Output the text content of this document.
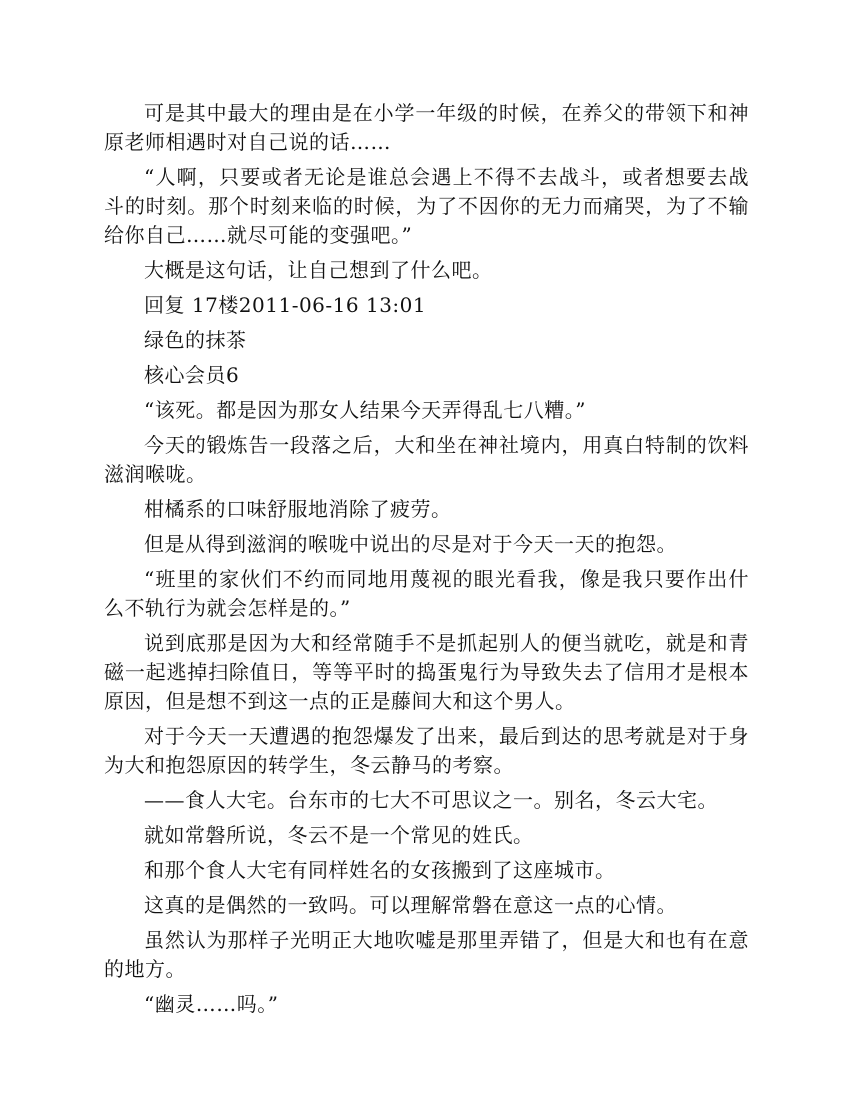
可是其中最大的理由是在小学一年级的时候，在养父的带领下和神原老师相遇时对自己说的话……

“人啊，只要或者无论是谁总会遇上不得不去战斗，或者想要去战斗的时刻。那个时刻来临的时候，为了不因你的无力而痛哭，为了不输给你自己……就尽可能的变强吧。”

大概是这句话，让自己想到了什么吧。

回复 17楼2011-06-16 13:01

绿色的抹茶

核心会员6

“该死。都是因为那女人结果今天弄得乱七八糟。”

今天的锻炼告一段落之后，大和坐在神社境内，用真白特制的饮料滋润喉咙。

柑橘系的口味舒服地消除了疲劳。

但是从得到滋润的喉咙中说出的尽是对于今天一天的抱怨。

“班里的家伙们不约而同地用蔑视的眼光看我，像是我只要作出什么不轨行为就会怎样是的。”

说到底那是因为大和经常随手不是抓起别人的便当就吃，就是和青磁一起逃掉扫除值日，等等平时的捣蛋鬼行为导致失去了信用才是根本原因，但是想不到这一点的正是藤间大和这个男人。

对于今天一天遭遇的抱怨爆发了出来，最后到达的思考就是对于身为大和抱怨原因的转学生，冬云静马的考察。

——食人大宅。台东市的七大不可思议之一。别名，冬云大宅。

就如常磐所说，冬云不是一个常见的姓氏。

和那个食人大宅有同样姓名的女孩搬到了这座城市。

这真的是偶然的一致吗。可以理解常磐在意这一点的心情。

虽然认为那样子光明正大地吹嘘是那里弄错了，但是大和也有在意的地方。

“幽灵……吗。”
